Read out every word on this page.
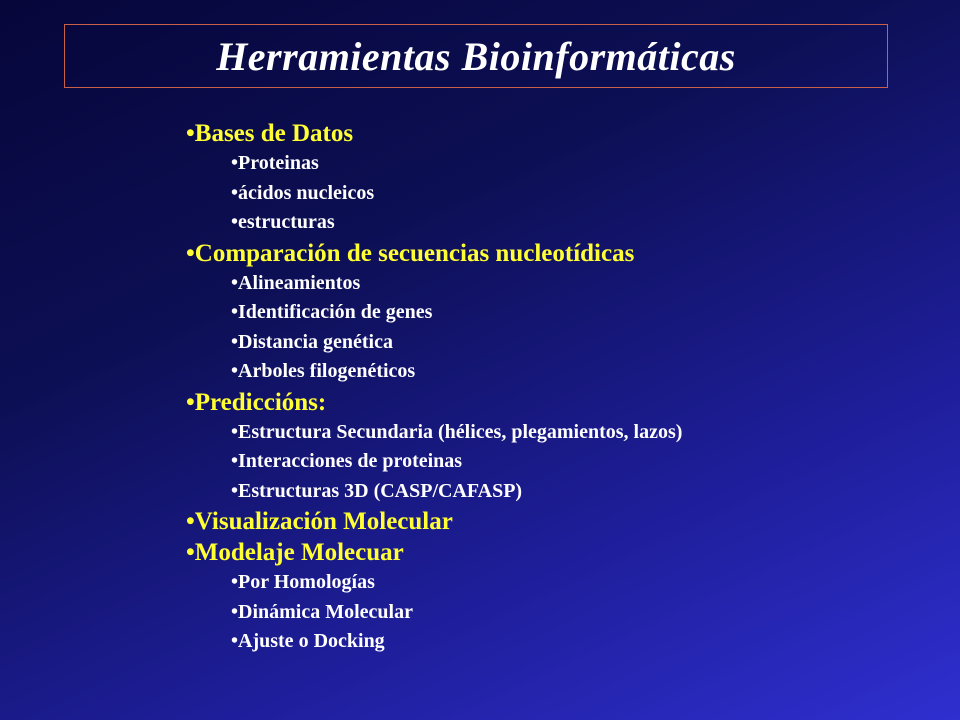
Herramientas Bioinformáticas
•Bases de Datos
•Proteinas
•ácidos nucleicos
•estructuras
•Comparación de secuencias nucleotídicas
•Alineamientos
•Identificación de genes
•Distancia genética
•Arboles filogenéticos
•Prediccións:
•Estructura Secundaria (hélices, plegamientos, lazos)
•Interacciones de proteinas
•Estructuras 3D (CASP/CAFASP)
•Visualización Molecular
•Modelaje Molecuar
•Por Homologías
•Dinámica Molecular
•Ajuste o Docking
